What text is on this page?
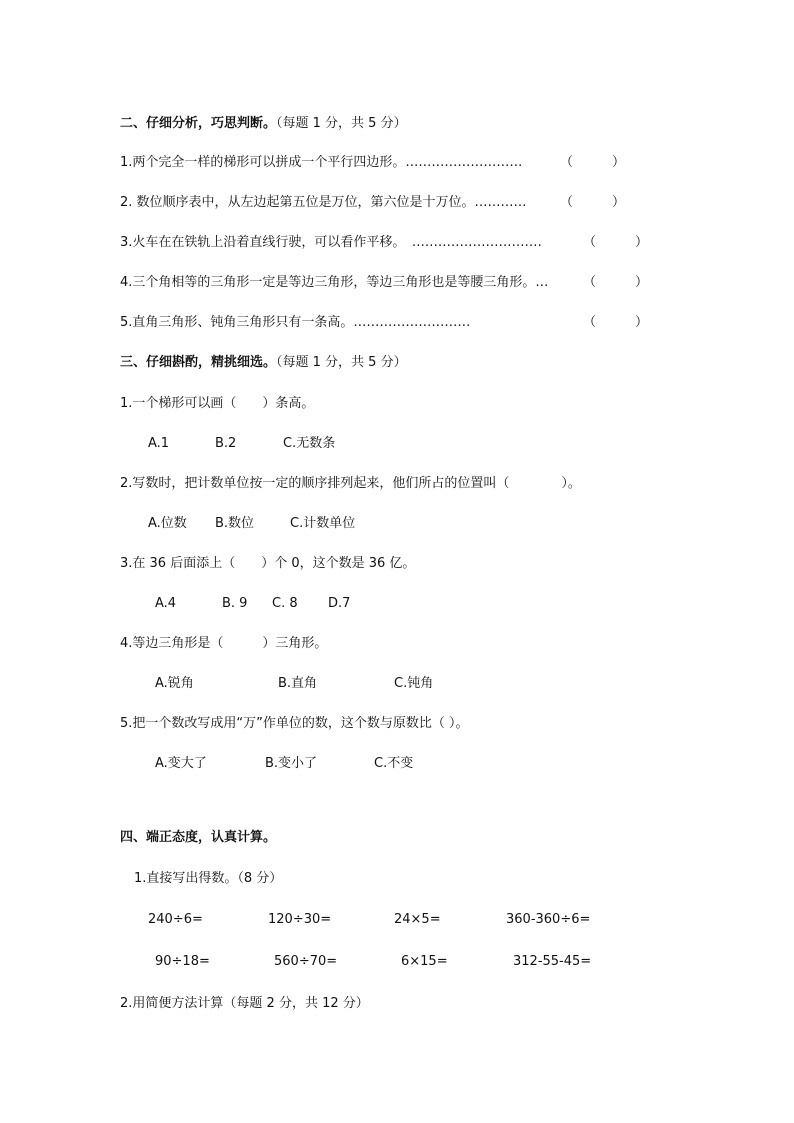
二、仔细分析，巧思判断。（每题 1 分，共 5 分）
1.两个完全一样的梯形可以拼成一个平行四边形。………………………	（　　　）
2. 数位顺序表中，从左边起第五位是万位，第六位是十万位。…………	（　　　）
3.火车在在铁轨上沿着直线行驶，可以看作平移。　…………………………	（　　　）
4.三个角相等的三角形一定是等边三角形，等边三角形也是等腰三角形。…	（　　　）
5.直角三角形、钝角三角形只有一条高。………………………	（　　　）
三、仔细斟酌，精挑细选。（每题 1 分，共 5 分）
1.一个梯形可以画（　　）条高。
A.1	B.2	C.无数条
2.写数时，把计数单位按一定的顺序排列起来，他们所占的位置叫（　　　　）。
A.位数 B.数位	C.计数单位
3.在 36 后面添上（　　）个 0，这个数是 36 亿。
A.4	B. 9 C. 8 D.7
4.等边三角形是（　　　）三角形。
A.锐角	B.直角	C.钝角
5.把一个数改写成用“万”作单位的数，这个数与原数比（ ）。
A.变大了	B.变小了	C.不变
四、端正态度，认真计算。
1.直接写出得数。（8 分）
240÷6=	120÷30=	24×5=	360-360÷6=
90÷18=	560÷70=	6×15=	312-55-45=
2.用简便方法计算（每题 2 分，共 12 分）
